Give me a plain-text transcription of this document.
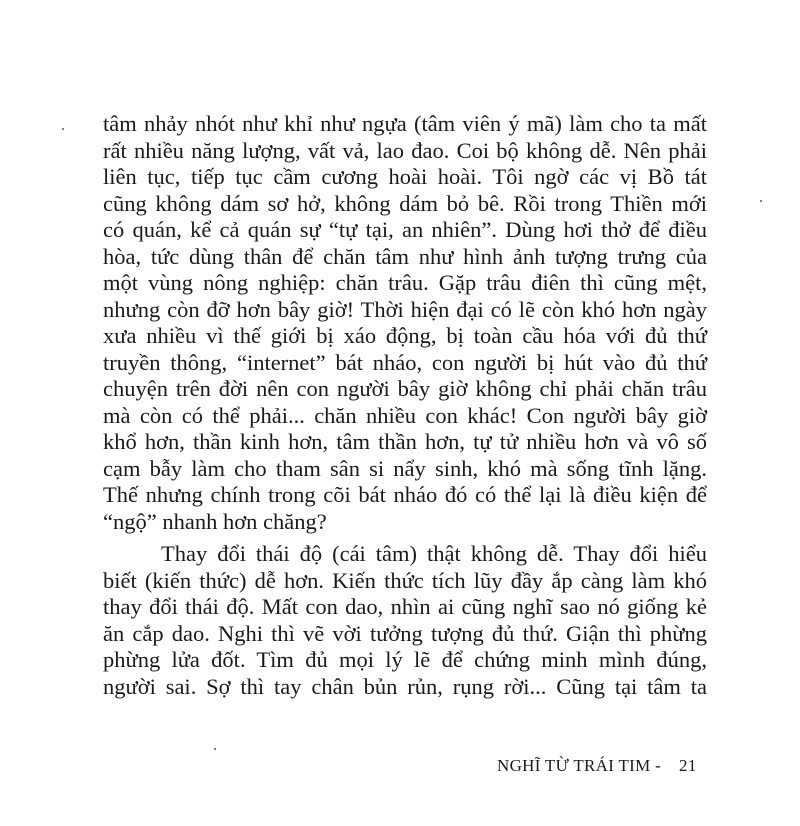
tâm nhảy nhót như khỉ như ngựa (tâm viên ý mã) làm cho ta mất
rất nhiều năng lượng, vất vả, lao đao. Coi bộ không dễ. Nên phải
liên tục, tiếp tục cầm cương hoài hoài. Tôi ngờ các vị Bồ tát
cũng không dám sơ hở, không dám bỏ bê. Rồi trong Thiền mới
có quán, kể cả quán sự “tự tại, an nhiên”. Dùng hơi thở để điều
hòa, tức dùng thân để chăn tâm như hình ảnh tượng trưng của
một vùng nông nghiệp: chăn trâu. Gặp trâu điên thì cũng mệt,
nhưng còn đỡ hơn bây giờ! Thời hiện đại có lẽ còn khó hơn ngày
xưa nhiều vì thế giới bị xáo động, bị toàn cầu hóa với đủ thứ
truyền thông, “internet” bát nháo, con người bị hút vào đủ thứ
chuyện trên đời nên con người bây giờ không chỉ phải chăn trâu
mà còn có thể phải... chăn nhiều con khác! Con người bây giờ
khổ hơn, thần kinh hơn, tâm thần hơn, tự tử nhiều hơn và vô số
cạm bẫy làm cho tham sân si nẩy sinh, khó mà sống tĩnh lặng.
Thế nhưng chính trong cõi bát nháo đó có thể lại là điều kiện để
“ngộ” nhanh hơn chăng?
Thay đổi thái độ (cái tâm) thật không dễ. Thay đổi hiểu
biết (kiến thức) dễ hơn. Kiến thức tích lũy đầy ắp càng làm khó
thay đổi thái độ. Mất con dao, nhìn ai cũng nghĩ sao nó giống kẻ
ăn cắp dao. Nghi thì vẽ vời tưởng tượng đủ thứ. Giận thì phừng
phừng lửa đốt. Tìm đủ mọi lý lẽ để chứng minh mình đúng,
người sai. Sợ thì tay chân bủn rủn, rụng rời... Cũng tại tâm ta
NGHĨ TỪ TRÁI TIM - 21
